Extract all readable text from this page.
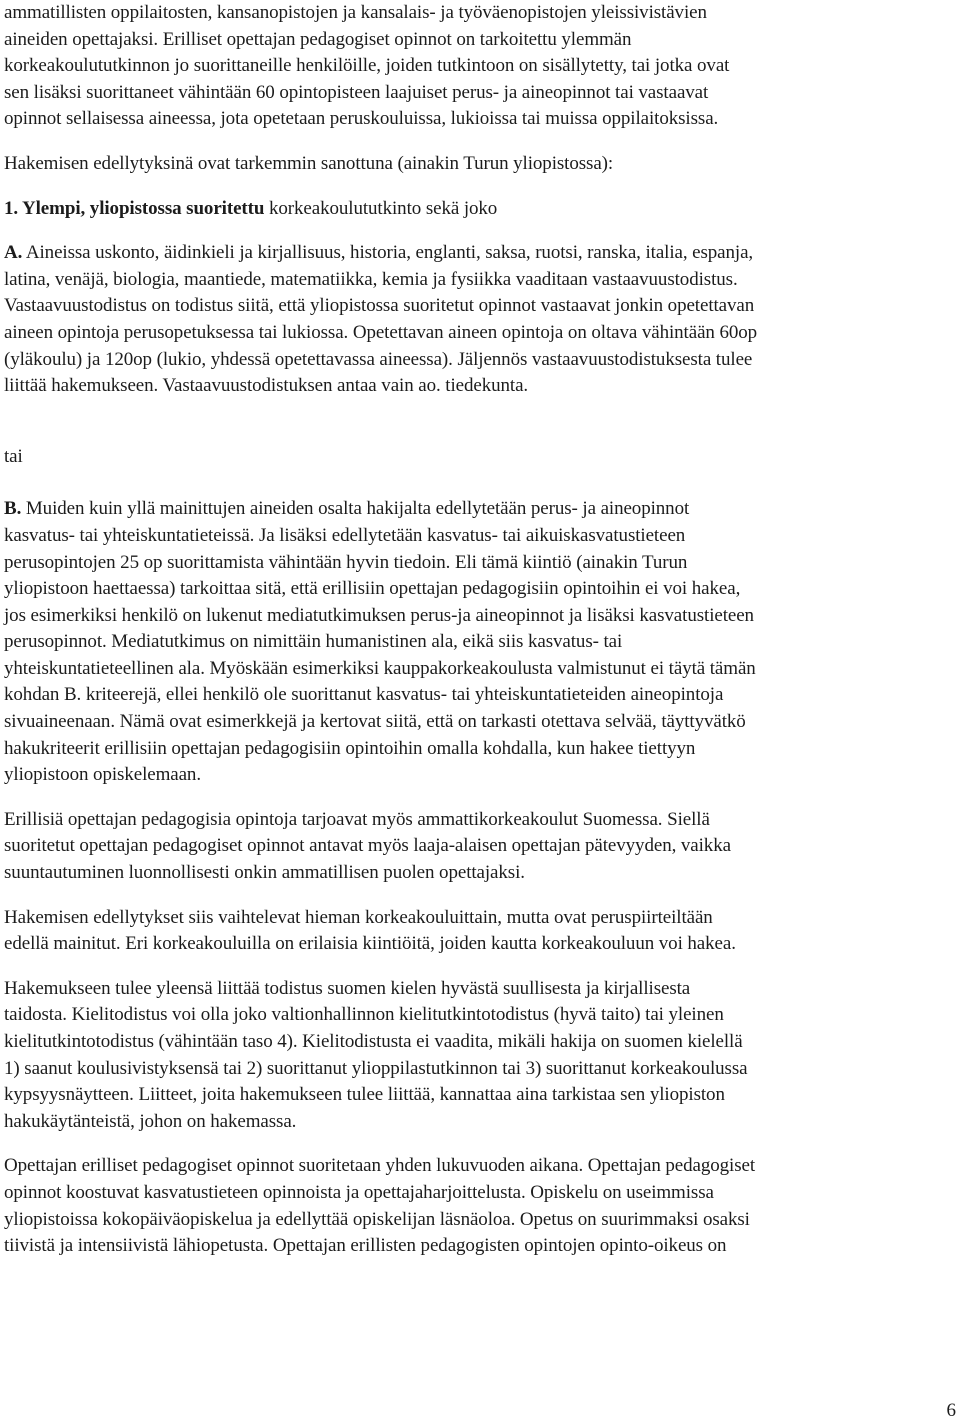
ammatillisten oppilaitosten, kansanopistojen ja kansalais- ja työväenopistojen yleissivistävien
aineiden opettajaksi. Erilliset opettajan pedagogiset opinnot on tarkoitettu ylemmän
korkeakoulututkinnon jo suorittaneille henkilöille, joiden tutkintoon on sisällytetty, tai jotka ovat
sen lisäksi suorittaneet vähintään 60 opintopisteen laajuiset perus- ja aineopinnot tai vastaavat
opinnot sellaisessa aineessa, jota opetetaan peruskouluissa, lukioissa tai muissa oppilaitoksissa.

Hakemisen edellytyksinä ovat tarkemmin sanottuna (ainakin Turun yliopistossa):

1. Ylempi, yliopistossa suoritettu korkeakoulututkinto sekä joko

A. Aineissa uskonto, äidinkieli ja kirjallisuus, historia, englanti, saksa, ruotsi, ranska, italia, espanja,
latina, venäjä, biologia, maantiede, matematiikka, kemia ja fysiikka vaaditaan vastaavuustodistus.
Vastaavuustodistus on todistus siitä, että yliopistossa suoritetut opinnot vastaavat jonkin opetettavan
aineen opintoja perusopetuksessa tai lukiossa. Opetettavan aineen opintoja on oltava vähintään 60op
(yläkoulu) ja 120op (lukio, yhdessä opetettavassa aineessa). Jäljennös vastaavuustodistuksesta tulee
liittää hakemukseen. Vastaavuustodistuksen antaa vain ao. tiedekunta.

tai

B. Muiden kuin yllä mainittujen aineiden osalta hakijalta edellytetään perus- ja aineopinnot
kasvatus- tai yhteiskuntatieteissä. Ja lisäksi edellytetään kasvatus- tai aikuiskasvatustieteen
perusopintojen 25 op suorittamista vähintään hyvin tiedoin. Eli tämä kiintiö (ainakin Turun
yliopistoon haettaessa) tarkoittaa sitä, että erillisiin opettajan pedagogisiin opintoihin ei voi hakea,
jos esimerkiksi henkilö on lukenut mediatutkimuksen perus-ja aineopinnot ja lisäksi kasvatustieteen
perusopinnot. Mediatutkimus on nimittäin humanistinen ala, eikä siis kasvatus- tai
yhteiskuntatieteellinen ala. Myöskään esimerkiksi kauppakorkeakoulusta valmistunut ei täytä tämän
kohdan B. kriteerejä, ellei henkilö ole suorittanut kasvatus- tai yhteiskuntatieteiden aineopintoja
sivuaineenaan. Nämä ovat esimerkkejä ja kertovat siitä, että on tarkasti otettava selvää, täyttyvätkö
hakukriteerit erillisiin opettajan pedagogisiin opintoihin omalla kohdalla, kun hakee tiettyyn
yliopistoon opiskelemaan.

Erillisiä opettajan pedagogisia opintoja tarjoavat myös ammattikorkeakoulut Suomessa. Siellä
suoritetut opettajan pedagogiset opinnot antavat myös laaja-alaisen opettajan pätevyyden, vaikka
suuntautuminen luonnollisesti onkin ammatillisen puolen opettajaksi.

Hakemisen edellytykset siis vaihtelevat hieman korkeakouluittain, mutta ovat peruspiirteiltään
edellä mainitut. Eri korkeakouluilla on erilaisia kiintiöitä, joiden kautta korkeakouluun voi hakea.

Hakemukseen tulee yleensä liittää todistus suomen kielen hyvästä suullisesta ja kirjallisesta
taidosta. Kielitodistus voi olla joko valtionhallinnon kielitutkintotodistus (hyvä taito) tai yleinen
kielitutkintotodistus (vähintään taso 4). Kielitodistusta ei vaadita, mikäli hakija on suomen kielellä
1) saanut koulusivistyksensä tai 2) suorittanut ylioppilastutkinnon tai 3) suorittanut korkeakoulussa
kypsyysnäytteen. Liitteet, joita hakemukseen tulee liittää, kannattaa aina tarkistaa sen yliopiston
hakukäytänteistä, johon on hakemassa.

Opettajan erilliset pedagogiset opinnot suoritetaan yhden lukuvuoden aikana. Opettajan pedagogiset
opinnot koostuvat kasvatustieteen opinnoista ja opettajaharjoittelusta. Opiskelu on useimmissa
yliopistoissa kokopäiväopiskelua ja edellyttää opiskelijan läsnäoloa. Opetus on suurimmaksi osaksi
tiivistä ja intensiivistä lähiopetusta. Opettajan erillisten pedagogisten opintojen opinto-oikeus on

6
